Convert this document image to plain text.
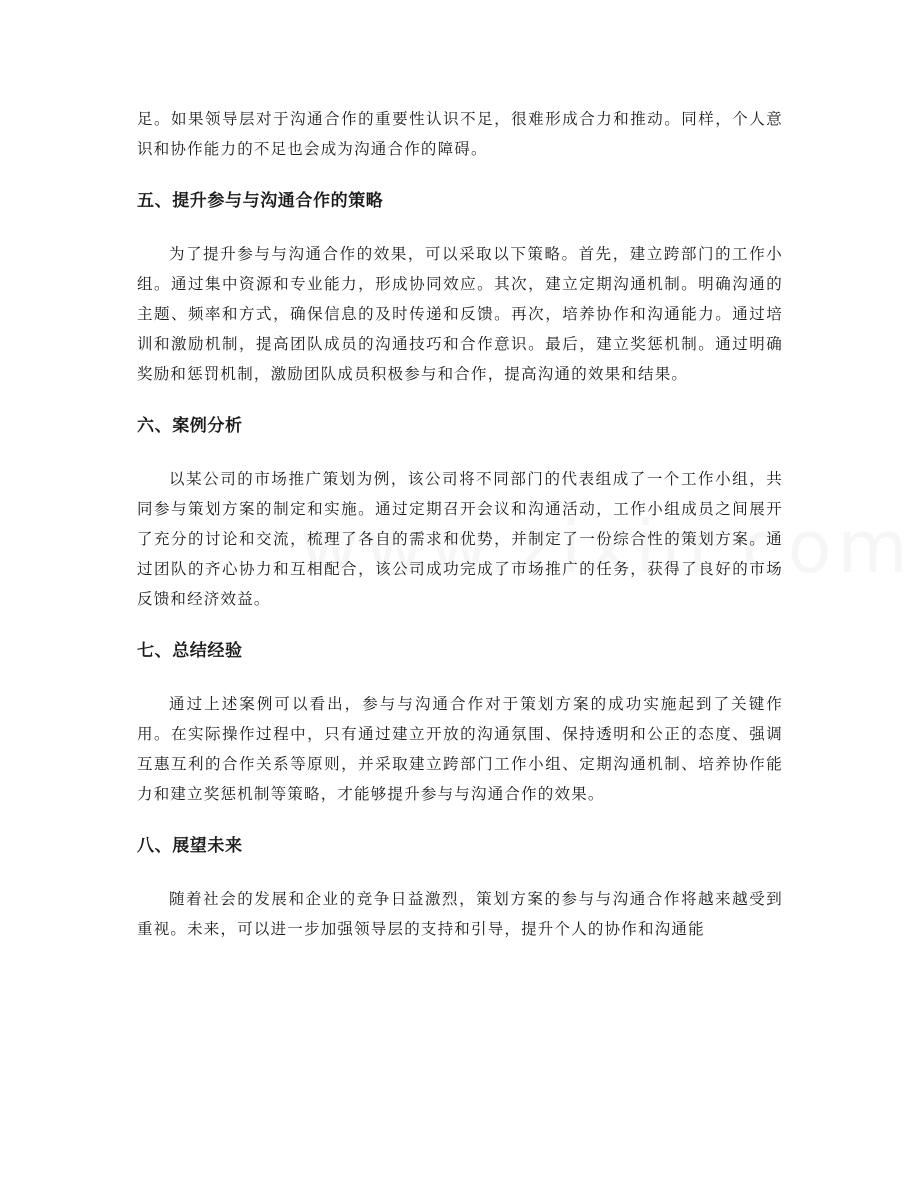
足。如果领导层对于沟通合作的重要性认识不足，很难形成合力和推动。同样，个人意识和协作能力的不足也会成为沟通合作的障碍。

五、提升参与与沟通合作的策略

为了提升参与与沟通合作的效果，可以采取以下策略。首先，建立跨部门的工作小组。通过集中资源和专业能力，形成协同效应。其次，建立定期沟通机制。明确沟通的主题、频率和方式，确保信息的及时传递和反馈。再次，培养协作和沟通能力。通过培训和激励机制，提高团队成员的沟通技巧和合作意识。最后，建立奖惩机制。通过明确奖励和惩罚机制，激励团队成员积极参与和合作，提高沟通的效果和结果。

六、案例分析

以某公司的市场推广策划为例，该公司将不同部门的代表组成了一个工作小组，共同参与策划方案的制定和实施。通过定期召开会议和沟通活动，工作小组成员之间展开了充分的讨论和交流，梳理了各自的需求和优势，并制定了一份综合性的策划方案。通过团队的齐心协力和互相配合，该公司成功完成了市场推广的任务，获得了良好的市场反馈和经济效益。

七、总结经验

通过上述案例可以看出，参与与沟通合作对于策划方案的成功实施起到了关键作用。在实际操作过程中，只有通过建立开放的沟通氛围、保持透明和公正的态度、强调互惠互利的合作关系等原则，并采取建立跨部门工作小组、定期沟通机制、培养协作能力和建立奖惩机制等策略，才能够提升参与与沟通合作的效果。

八、展望未来

随着社会的发展和企业的竞争日益激烈，策划方案的参与与沟通合作将越来越受到重视。未来，可以进一步加强领导层的支持和引导，提升个人的协作和沟通能
